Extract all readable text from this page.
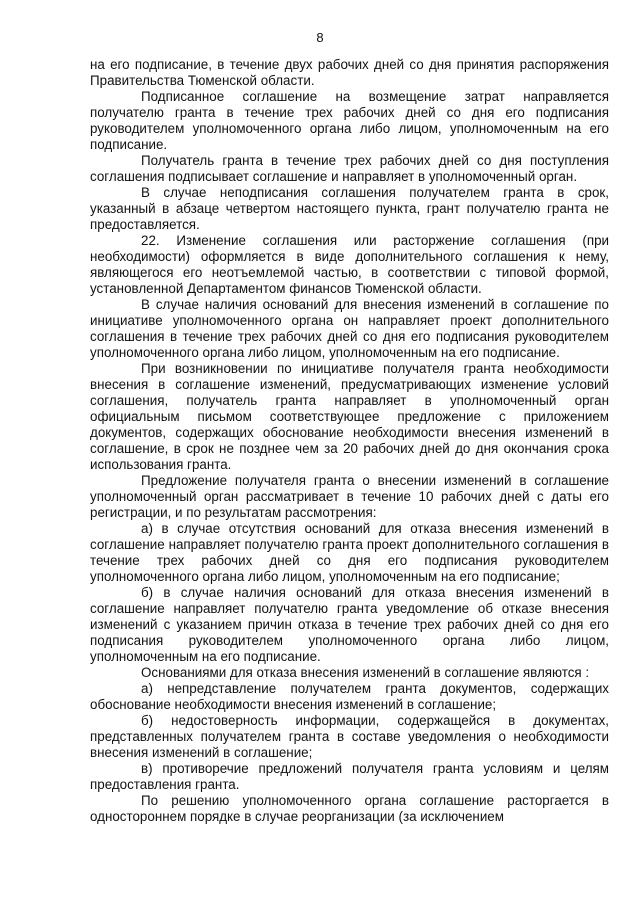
8

на его подписание, в течение двух рабочих дней со дня принятия распоряжения Правительства Тюменской области.

Подписанное соглашение на возмещение затрат направляется получателю гранта в течение трех рабочих дней со дня его подписания руководителем уполномоченного органа либо лицом, уполномоченным на его подписание.

Получатель гранта в течение трех рабочих дней со дня поступления соглашения подписывает соглашение и направляет в уполномоченный орган.

В случае неподписания соглашения получателем гранта в срок, указанный в абзаце четвертом настоящего пункта, грант получателю гранта не предоставляется.

22. Изменение соглашения или расторжение соглашения (при необходимости) оформляется в виде дополнительного соглашения к нему, являющегося его неотъемлемой частью, в соответствии с типовой формой, установленной Департаментом финансов Тюменской области.

В случае наличия оснований для внесения изменений в соглашение по инициативе уполномоченного органа он направляет проект дополнительного соглашения в течение трех рабочих дней со дня его подписания руководителем уполномоченного органа либо лицом, уполномоченным на его подписание.

При возникновении по инициативе получателя гранта необходимости внесения в соглашение изменений, предусматривающих изменение условий соглашения, получатель гранта направляет в уполномоченный орган официальным письмом соответствующее предложение с приложением документов, содержащих обоснование необходимости внесения изменений в соглашение, в срок не позднее чем за 20 рабочих дней до дня окончания срока использования гранта.

Предложение получателя гранта о внесении изменений в соглашение уполномоченный орган рассматривает в течение 10 рабочих дней с даты его регистрации, и по результатам рассмотрения:

а) в случае отсутствия оснований для отказа внесения изменений в соглашение направляет получателю гранта проект дополнительного соглашения в течение трех рабочих дней со дня его подписания руководителем уполномоченного органа либо лицом, уполномоченным на его подписание;

б) в случае наличия оснований для отказа внесения изменений в соглашение направляет получателю гранта уведомление об отказе внесения изменений с указанием причин отказа в течение трех рабочих дней со дня его подписания руководителем уполномоченного органа либо лицом, уполномоченным на его подписание.

Основаниями для отказа внесения изменений в соглашение являются :

а) непредставление получателем гранта документов, содержащих обоснование необходимости внесения изменений в соглашение;

б) недостоверность информации, содержащейся в документах, представленных получателем гранта в составе уведомления о необходимости внесения изменений в соглашение;

в) противоречие предложений получателя гранта условиям и целям предоставления гранта.

По решению уполномоченного органа соглашение расторгается в одностороннем порядке в случае реорганизации (за исключением
